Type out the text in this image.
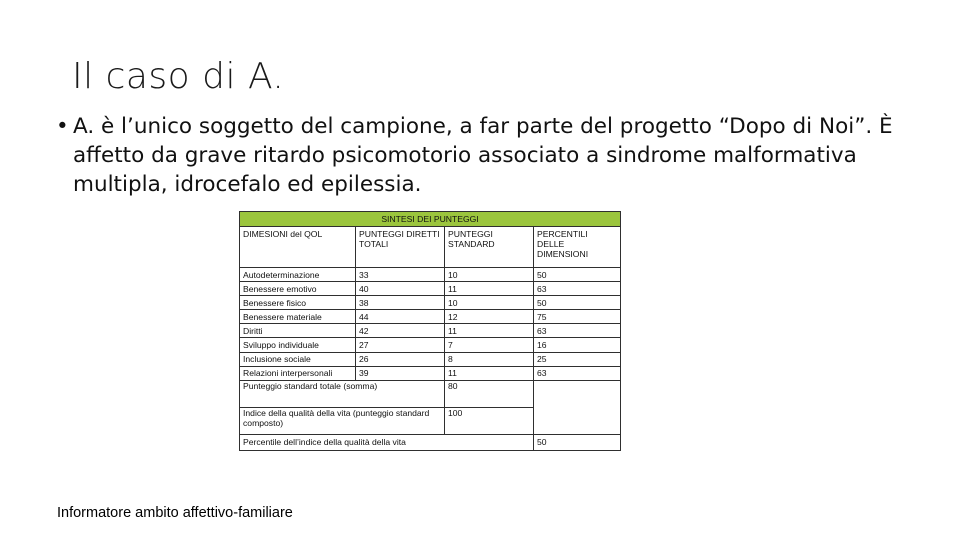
Il caso di A.
• A. è l’unico soggetto del campione, a far parte del progetto “Dopo di Noi”. È affetto da grave ritardo psicomotorio associato a sindrome malformativa multipla, idrocefalo ed epilessia.
SINTESI DEI PUNTEGGI			
DIMESIONI del QOL	PUNTEGGI DIRETTI TOTALI	PUNTEGGI STANDARD	PERCENTILI DELLE DIMENSIONI
Autodeterminazione	33	10	50
Benessere emotivo	40	11	63
Benessere fisico	38	10	50
Benessere materiale	44	12	75
Diritti	42	11	63
Sviluppo individuale	27	7	16
Inclusione sociale	26	8	25
Relazioni interpersonali	39	11	63
Punteggio standard totale (somma)		80	
Indice della qualità della vita (punteggio standard composto)		100	
Percentile dell’indice della qualità della vita			50
Informatore ambito affettivo-familiare
